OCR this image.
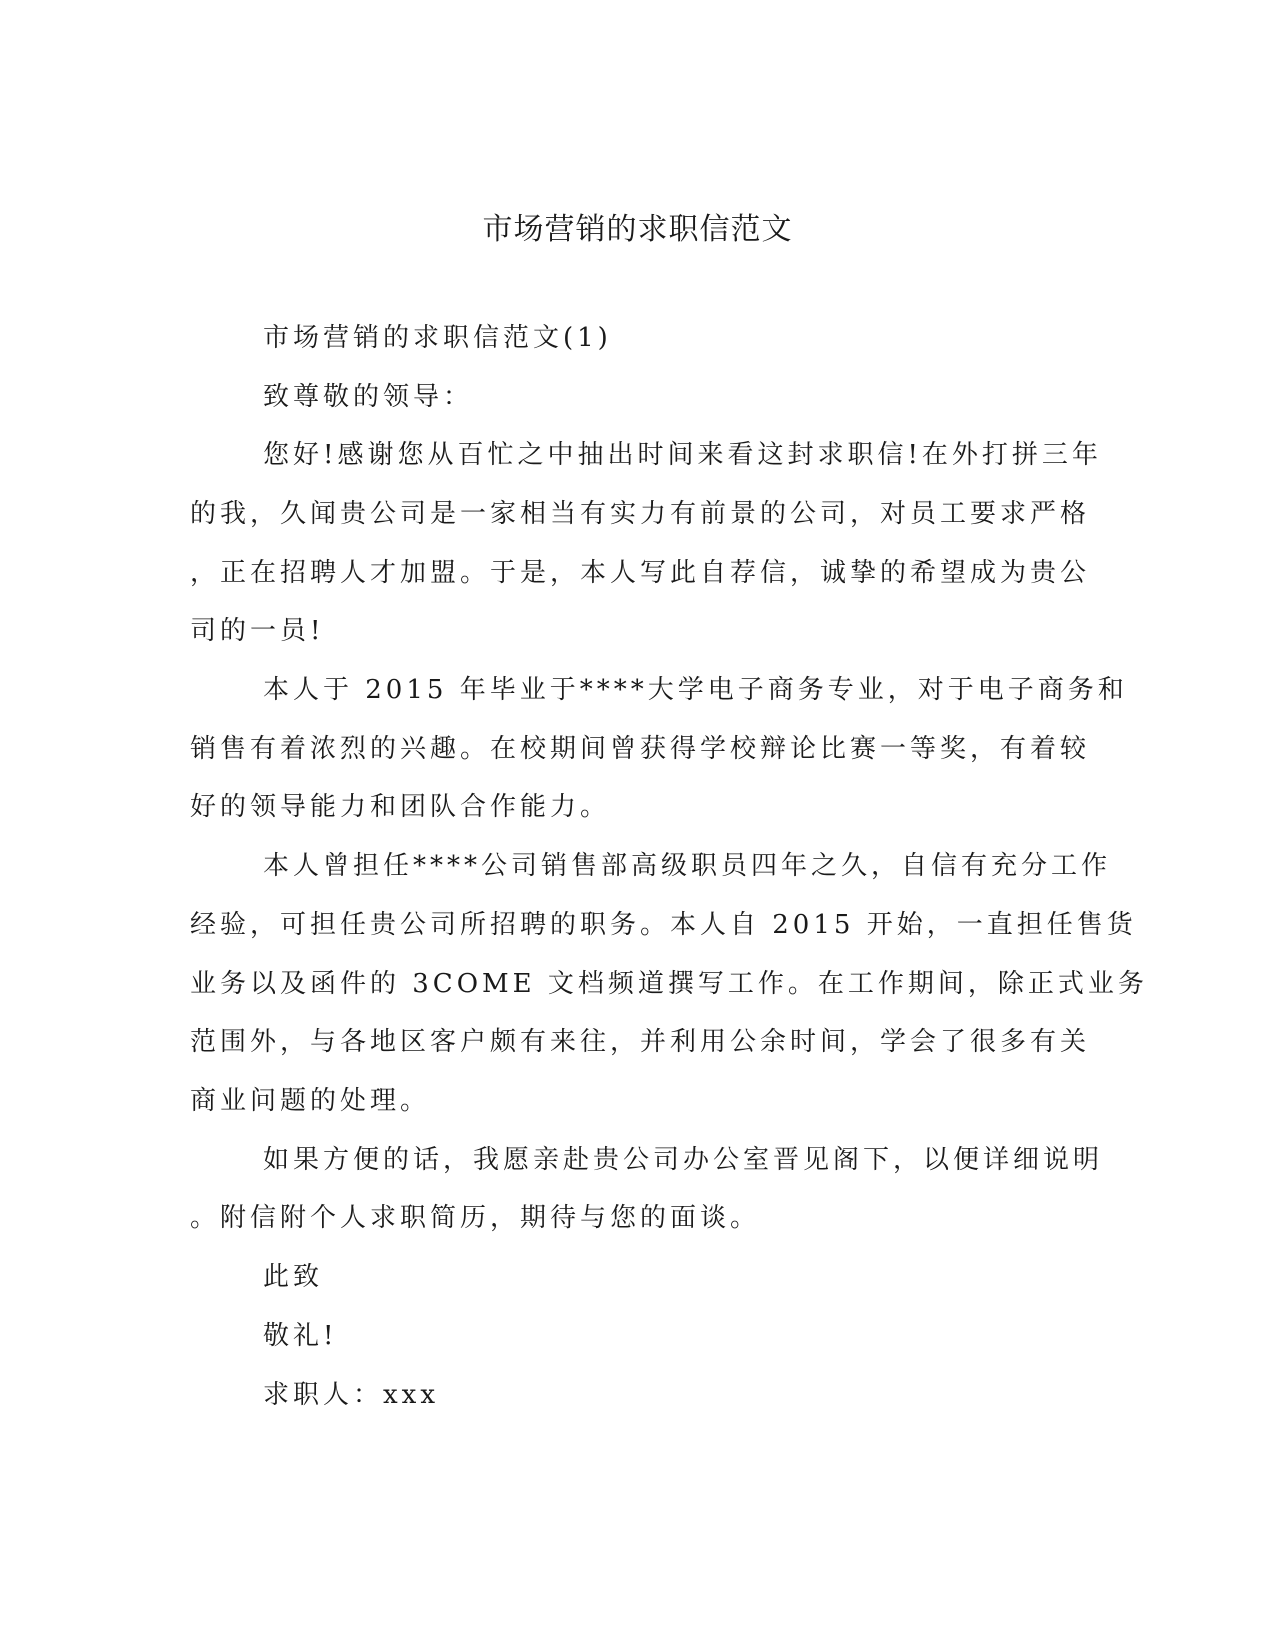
市场营销的求职信范文

市场营销的求职信范文(1)

致尊敬的领导：

您好!感谢您从百忙之中抽出时间来看这封求职信!在外打拼三年

的我，久闻贵公司是一家相当有实力有前景的公司，对员工要求严格

，正在招聘人才加盟。于是，本人写此自荐信，诚挚的希望成为贵公

司的一员!

本人于 2015 年毕业于****大学电子商务专业，对于电子商务和

销售有着浓烈的兴趣。在校期间曾获得学校辩论比赛一等奖，有着较

好的领导能力和团队合作能力。

本人曾担任****公司销售部高级职员四年之久，自信有充分工作

经验，可担任贵公司所招聘的职务。本人自 2015 开始，一直担任售货

业务以及函件的 3COME 文档频道撰写工作。在工作期间，除正式业务

范围外，与各地区客户颇有来往，并利用公余时间，学会了很多有关

商业问题的处理。

如果方便的话，我愿亲赴贵公司办公室晋见阁下，以便详细说明

。附信附个人求职简历，期待与您的面谈。

此致

敬礼!

求职人：xxx
